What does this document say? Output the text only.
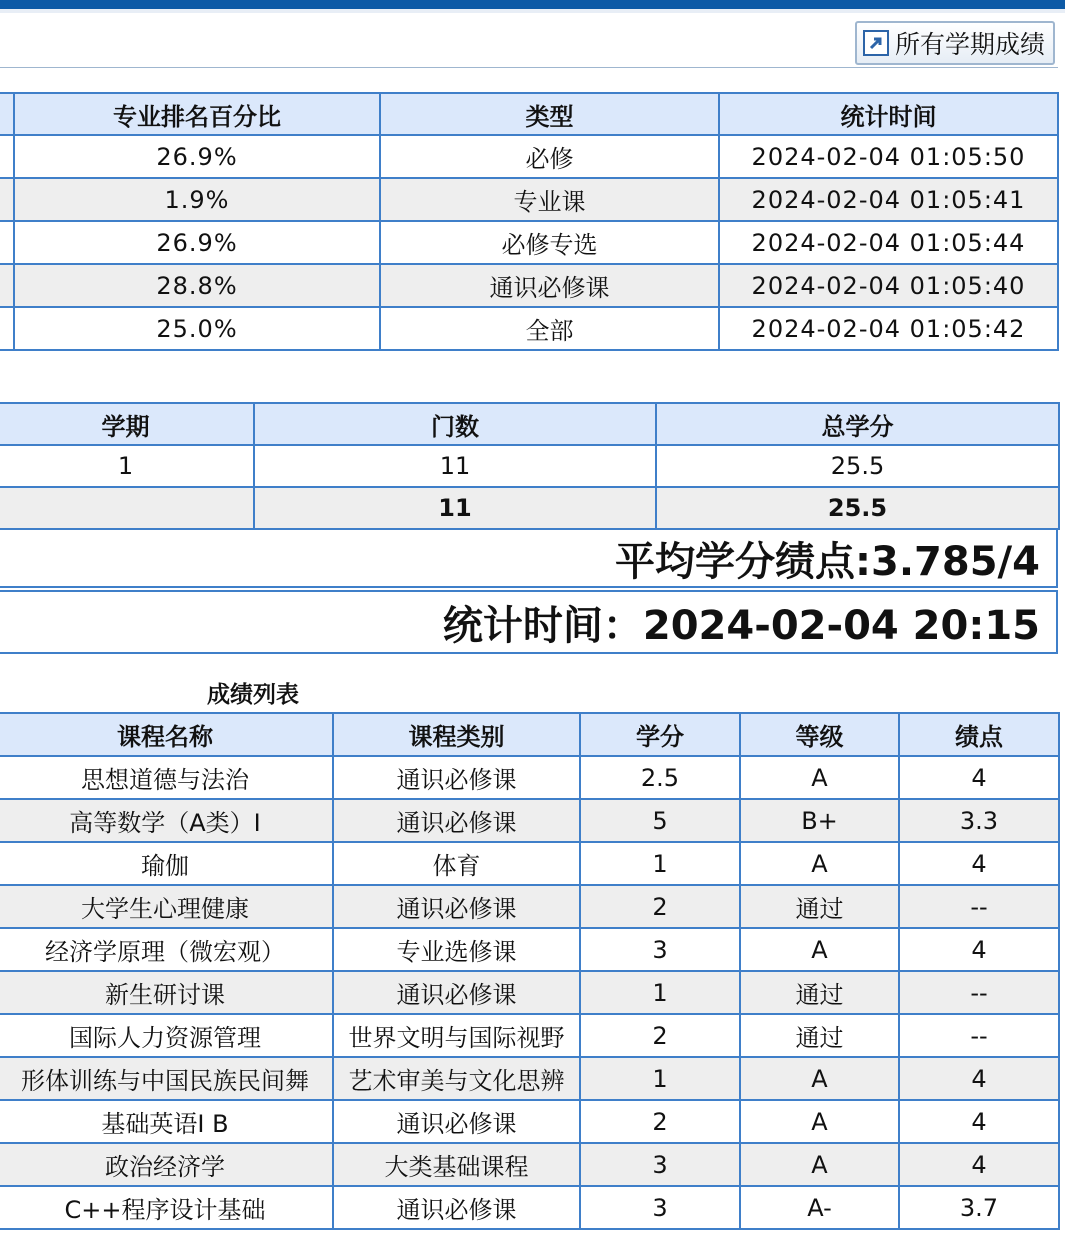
所有学期成绩
	专业排名百分比	类型	统计时间
	26.9%	必修	2024-02-04 01:05:50
	1.9%	专业课	2024-02-04 01:05:41
	26.9%	必修专选	2024-02-04 01:05:44
	28.8%	通识必修课	2024-02-04 01:05:40
	25.0%	全部	2024-02-04 01:05:42
学期	门数	总学分
1	11	25.5
	11	25.5
平均学分绩点:3.785/4
统计时间：2024-02-04 20:15
成绩列表
课程名称	课程类别	学分	等级	绩点
思想道德与法治	通识必修课	2.5	A	4
高等数学（A类）I	通识必修课	5	B+	3.3
瑜伽	体育	1	A	4
大学生心理健康	通识必修课	2	通过	--
经济学原理（微宏观）	专业选修课	3	A	4
新生研讨课	通识必修课	1	通过	--
国际人力资源管理	世界文明与国际视野	2	通过	--
形体训练与中国民族民间舞	艺术审美与文化思辨	1	A	4
基础英语I B	通识必修课	2	A	4
政治经济学	大类基础课程	3	A	4
C++程序设计基础	通识必修课	3	A-	3.7
